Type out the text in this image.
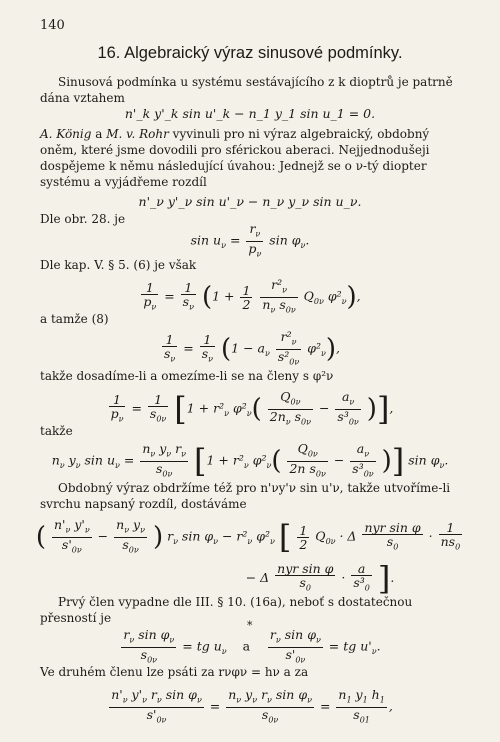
140
16. Algebraický výraz sinusové podmínky.
Sinusová podmínka u systému sestávajícího z k dioptrů je patrně dána vztahem
n'_k y'_k sin u'_k − n_1 y_1 sin u_1 = 0.
A. König a M. v. Rohr vyvinuli pro ni výraz algebraický, obdobný oněm, které jsme dovodili pro sférickou aberaci. Nejjednodušeji dospějeme k němu následující úvahou: Jednejž se o ν-tý diopter systému a vyjádřeme rozdíl
n'_ν y'_ν sin u'_ν − n_ν y_ν sin u_ν.
Dle obr. 28. je
$\sin u_\nu = \frac{r_\nu}{p_\nu}$ $\sin \varphi_\nu$.
Dle kap. V. § 5. (6) je však
$\frac{1}{p_\nu} = \frac{1}{s_\nu} (1 + \frac{1}{2}$
$\frac{r^2_\nu}{n_\nu s_{0\nu}} Q_{0\nu}$ $\varphi^2_\nu$),
a tamže (8)
$\frac{1}{s_\nu} = \frac{1}{s_\nu} (1 - a_\nu \frac{r^2_\nu}{s^2_{0\nu}} \varphi^2_\nu)$,
takže dosadíme-li a omezíme-li se na členy s φ²ν
$\frac{1}{p_\nu} = \frac{1}{s_{0\nu}} [1 + r^2_\nu$ $\varphi^2_\nu( \frac{Q_{0\nu}}{2n_\nu s_{0\nu}} - \frac{a_\nu}{s^3_{0\nu}}$ )],
takže
$n_\nu$ $y_\nu$ $\sin u_\nu = \frac{n_\nu y_\nu r_\nu}{s_{0\nu}} [1 + r^2_\nu$ $\varphi^2_\nu( \frac{Q_{0\nu}}{2n s_{0\nu}} - \frac{a_\nu}{s^3_{0\nu}}$ )] $\sin \varphi_\nu$.
Obdobný výraz obdržíme též pro n'νy'ν sin u'ν, takže utvoříme-li svrchu napsaný rozdíl, dostáváme
( $\frac{n'_\nu y'_\nu}{s'_{0\nu}} - \frac{n_\nu y_\nu}{s_{0\nu}}$ ) $r_\nu$ $\sin \varphi_\nu - r^2_\nu$ $\varphi^2_\nu$ [ $\frac{1}{2} Q_{0\nu} \cdot \Delta$
nyr sin φ
$s_0$
· $\frac{1}{ns_0}$
− Δ
nyr sin φ
$s_0$
· $\frac{a}{s^3_0}$ ].
Prvý člen vypadne dle III. § 10. (16a), neboť s dostatečnou přesností je
*
$\frac{r_\nu \sin \varphi_\nu}{s_{0\nu}}$ = tg $u_\nu$ a $\frac{r_\nu \sin \varphi_\nu}{s'_{0\nu}}$ = tg $u'_\nu$.
Ve druhém členu lze psáti za rνφν = hν a za
$\frac{n'_\nu y'_\nu r_\nu \sin \varphi_\nu}{s'_{0\nu}} = \frac{n_\nu y_\nu r_\nu \sin \varphi_\nu}{s_{0\nu}} = \frac{n_1 y_1 h_1}{s_{01}}$ ,
